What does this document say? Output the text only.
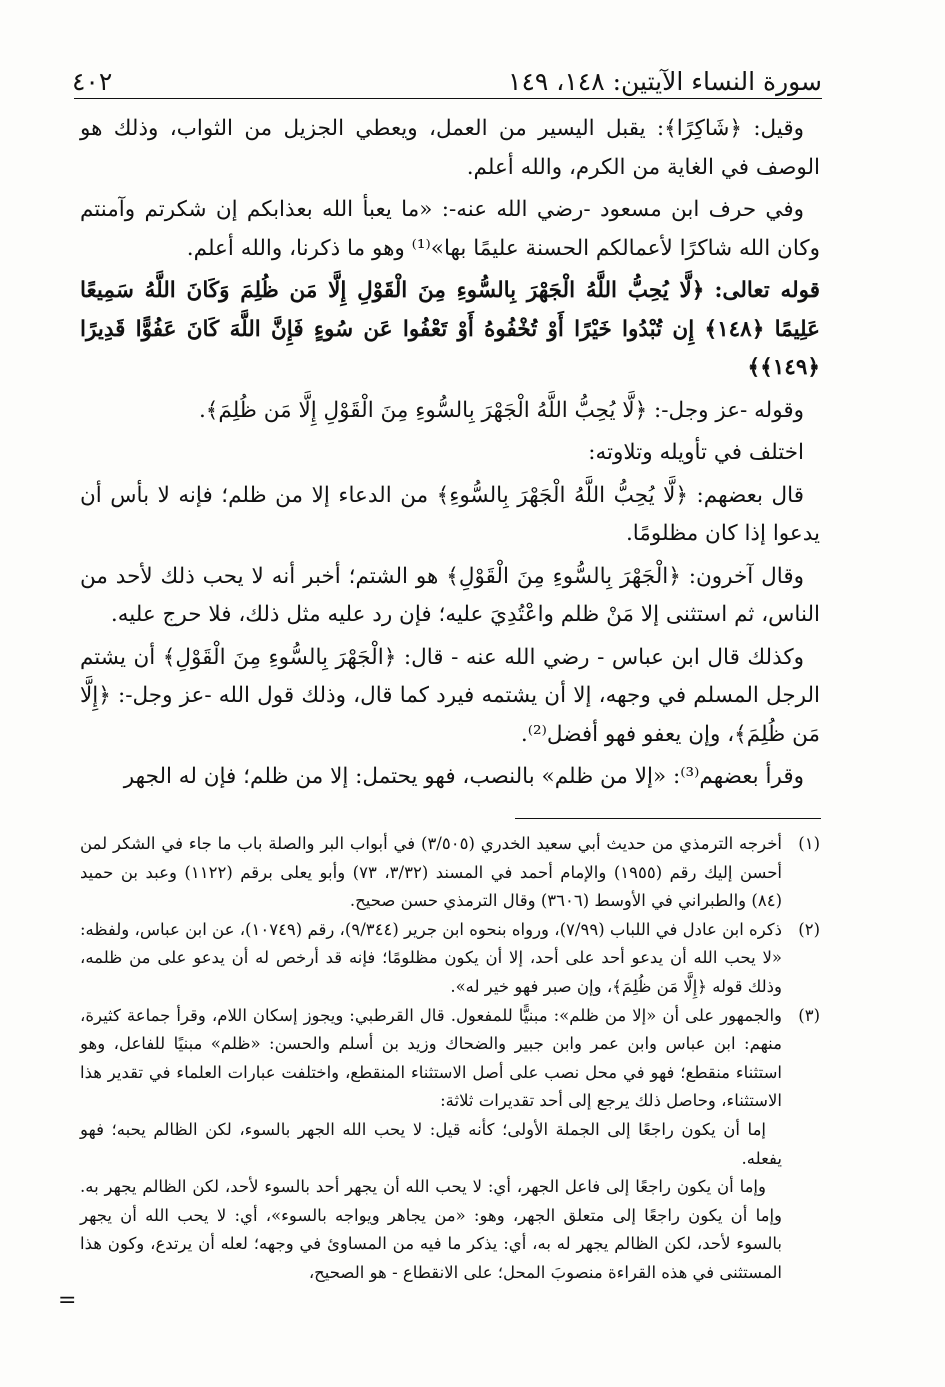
٤٠٢	سورة النساء الآيتين: ١٤٨، ١٤٩

وقيل: ﴿شَاكِرًا﴾: يقبل اليسير من العمل، ويعطي الجزيل من الثواب، وذلك هو الوصف في الغاية من الكرم، والله أعلم.

وفي حرف ابن مسعود -رضي الله عنه-: «ما يعبأ الله بعذابكم إن شكرتم وآمنتم وكان الله شاكرًا لأعمالكم الحسنة عليمًا بها»⁽¹⁾ وهو ما ذكرنا، والله أعلم.

قوله تعالى: ﴿لَّا يُحِبُّ اللَّهُ الْجَهْرَ بِالسُّوءِ مِنَ الْقَوْلِ إِلَّا مَن ظُلِمَ وَكَانَ اللَّهُ سَمِيعًا عَلِيمًا ﴿١٤٨﴾ إِن تُبْدُوا خَيْرًا أَوْ تُخْفُوهُ أَوْ تَعْفُوا عَن سُوءٍ فَإِنَّ اللَّهَ كَانَ عَفُوًّا قَدِيرًا ﴿١٤٩﴾﴾

وقوله -عز وجل-: ﴿لَّا يُحِبُّ اللَّهُ الْجَهْرَ بِالسُّوءِ مِنَ الْقَوْلِ إِلَّا مَن ظُلِمَ﴾.

اختلف في تأويله وتلاوته:

قال بعضهم: ﴿لَّا يُحِبُّ اللَّهُ الْجَهْرَ بِالسُّوءِ﴾ من الدعاء إلا من ظلم؛ فإنه لا بأس أن يدعوا إذا كان مظلومًا.

وقال آخرون: ﴿الْجَهْرَ بِالسُّوءِ مِنَ الْقَوْلِ﴾ هو الشتم؛ أخبر أنه لا يحب ذلك لأحد من الناس، ثم استثنى إلا مَنْ ظلم واعْتُدِيَ عليه؛ فإن رد عليه مثل ذلك، فلا حرج عليه.

وكذلك قال ابن عباس - رضي الله عنه - قال: ﴿الْجَهْرَ بِالسُّوءِ مِنَ الْقَوْلِ﴾ أن يشتم الرجل المسلم في وجهه، إلا أن يشتمه فيرد كما قال، وذلك قول الله -عز وجل-: ﴿إِلَّا مَن ظُلِمَ﴾، وإن يعفو فهو أفضل⁽²⁾.

وقرأ بعضهم⁽³⁾: «إلا من ظلم» بالنصب، فهو يحتمل: إلا من ظلم؛ فإن له الجهر

(١)

أخرجه الترمذي من حديث أبي سعيد الخدري (٣/٥٠٥) في أبواب البر والصلة باب ما جاء في الشكر لمن أحسن إليك رقم (١٩٥٥) والإمام أحمد في المسند (٣/٣٢، ٧٣) وأبو يعلى برقم (١١٢٢) وعبد بن حميد (٨٤) والطبراني في الأوسط (٣٦٠٦) وقال الترمذي حسن صحيح.

(٢)

ذكره ابن عادل في اللباب (٧/٩٩)، ورواه بنحوه ابن جرير (٩/٣٤٤)، رقم (١٠٧٤٩)، عن ابن عباس، ولفظه: «لا يحب الله أن يدعو أحد على أحد، إلا أن يكون مظلومًا؛ فإنه قد أرخص له أن يدعو على من ظلمه، وذلك قوله ﴿إِلَّا مَن ظُلِمَ﴾، وإن صبر فهو خير له».

(٣)

والجمهور على أن «إلا من ظلم»: مبنيًّا للمفعول. قال القرطبي: ويجوز إسكان اللام، وقرأ جماعة كثيرة، منهم: ابن عباس وابن عمر وابن جبير والضحاك وزيد بن أسلم والحسن: «ظلم» مبنيًا للفاعل، وهو استثناء منقطع؛ فهو في محل نصب على أصل الاستثناء المنقطع، واختلفت عبارات العلماء في تقدير هذا الاستثناء، وحاصل ذلك يرجع إلى أحد تقديرات ثلاثة:

إما أن يكون راجعًا إلى الجملة الأولى؛ كأنه قيل: لا يحب الله الجهر بالسوء، لكن الظالم يحبه؛ فهو يفعله.

وإما أن يكون راجعًا إلى فاعل الجهر، أي: لا يحب الله أن يجهر أحد بالسوء لأحد، لكن الظالم يجهر به. وإما أن يكون راجعًا إلى متعلق الجهر، وهو: «من يجاهر ويواجه بالسوء»، أي: لا يحب الله أن يجهر بالسوء لأحد، لكن الظالم يجهر له به، أي: يذكر ما فيه من المساوئ في وجهه؛ لعله أن يرتدع، وكون هذا المستثنى في هذه القراءة منصوبَ المحل؛ على الانقطاع - هو الصحيح،

=
